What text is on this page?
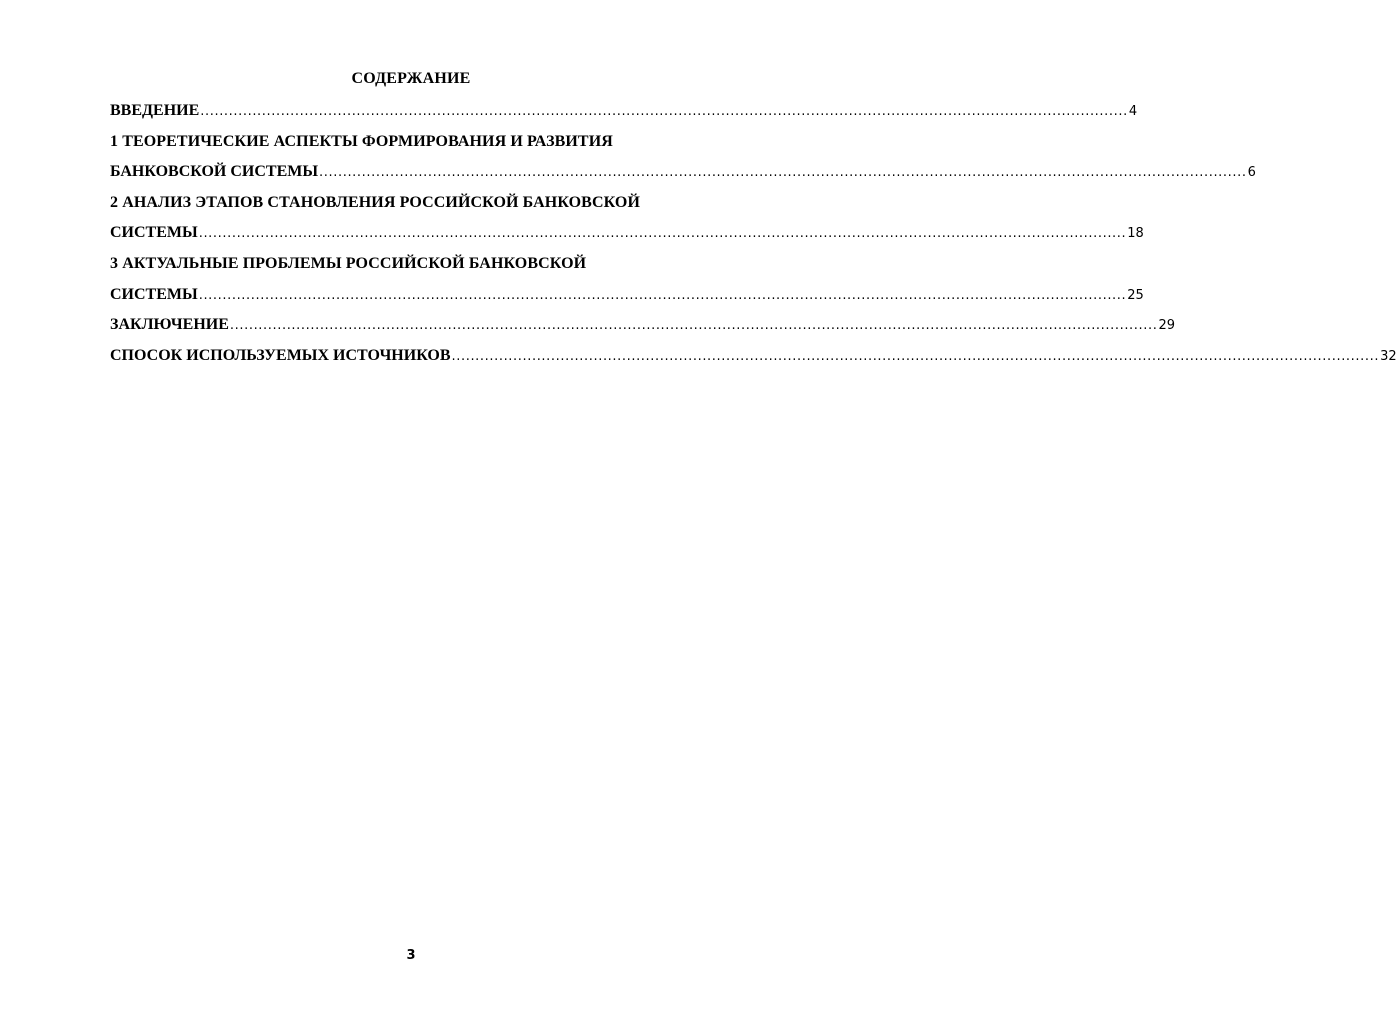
СОДЕРЖАНИЕ
ВВЕДЕНИЕ .................................................................................................................................................................................................... 4
1 ТЕОРЕТИЧЕСКИЕ АСПЕКТЫ ФОРМИРОВАНИЯ И РАЗВИТИЯ
БАНКОВСКОЙ СИСТЕМЫ .................................................................................................................................................................................................... 6
2 АНАЛИЗ ЭТАПОВ СТАНОВЛЕНИЯ РОССИЙСКОЙ БАНКОВСКОЙ
СИСТЕМЫ .................................................................................................................................................................................................... 18
3 АКТУАЛЬНЫЕ ПРОБЛЕМЫ РОССИЙСКОЙ БАНКОВСКОЙ
СИСТЕМЫ .................................................................................................................................................................................................... 25
ЗАКЛЮЧЕНИЕ .................................................................................................................................................................................................... 29
СПОСОК ИСПОЛЬЗУЕМЫХ ИСТОЧНИКОВ .................................................................................................................................................................................................... 32
3
